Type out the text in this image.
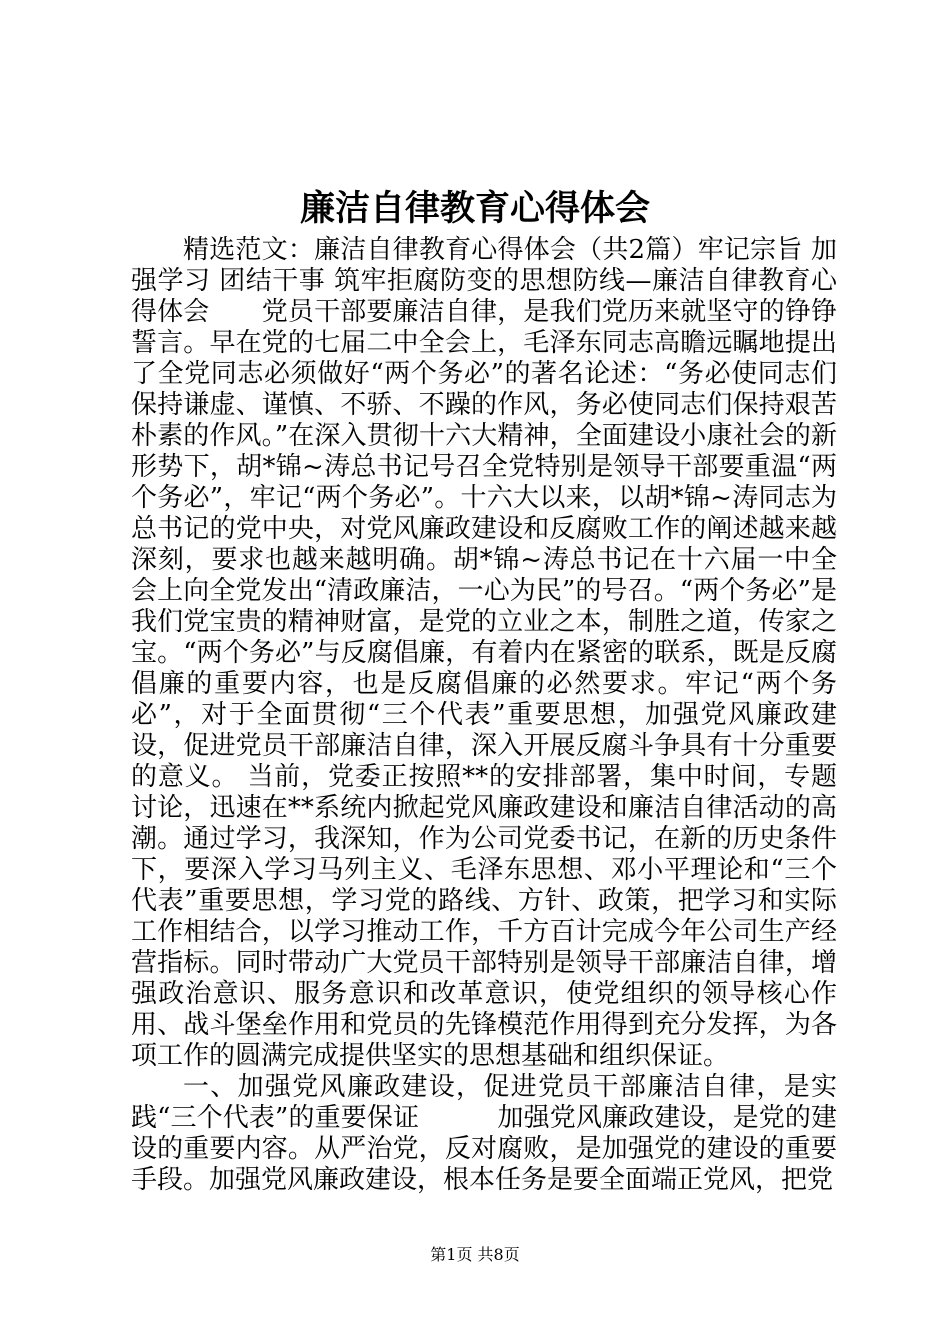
廉洁自律教育心得体会

精选范文：廉洁自律教育心得体会（共2篇）牢记宗旨 加强学习 团结干事 筑牢拒腐防变的思想防线—廉洁自律教育心得体会　　党员干部要廉洁自律，是我们党历来就坚守的铮铮誓言。早在党的七届二中全会上，毛泽东同志高瞻远瞩地提出了全党同志必须做好“两个务必”的著名论述：“务必使同志们保持谦虚、谨慎、不骄、不躁的作风，务必使同志们保持艰苦朴素的作风。”在深入贯彻十六大精神，全面建设小康社会的新形势下，胡*锦~涛总书记号召全党特别是领导干部要重温“两个务必”，牢记“两个务必”。十六大以来，以胡*锦~涛同志为总书记的党中央，对党风廉政建设和反腐败工作的阐述越来越深刻，要求也越来越明确。胡*锦~涛总书记在十六届一中全会上向全党发出“清政廉洁，一心为民”的号召。“两个务必”是我们党宝贵的精神财富，是党的立业之本，制胜之道，传家之宝。“两个务必”与反腐倡廉，有着内在紧密的联系，既是反腐倡廉的重要内容，也是反腐倡廉的必然要求。牢记“两个务必”，对于全面贯彻“三个代表”重要思想，加强党风廉政建设，促进党员干部廉洁自律，深入开展反腐斗争具有十分重要的意义。 当前，党委正按照**的安排部署，集中时间，专题讨论，迅速在**系统内掀起党风廉政建设和廉洁自律活动的高潮。通过学习，我深知，作为公司党委书记，在新的历史条件下，要深入学习马列主义、毛泽东思想、邓小平理论和“三个代表”重要思想，学习党的路线、方针、政策，把学习和实际工作相结合，以学习推动工作，千方百计完成今年公司生产经营指标。同时带动广大党员干部特别是领导干部廉洁自律，增强政治意识、服务意识和改革意识，使党组织的领导核心作用、战斗堡垒作用和党员的先锋模范作用得到充分发挥，为各项工作的圆满完成提供坚实的思想基础和组织保证。

一、加强党风廉政建设，促进党员干部廉洁自律，是实践“三个代表”的重要保证　　　加强党风廉政建设，是党的建设的重要内容。从严治党，反对腐败，是加强党的建设的重要手段。加强党风廉政建设，根本任务是要全面端正党风，把党

第1页 共8页
